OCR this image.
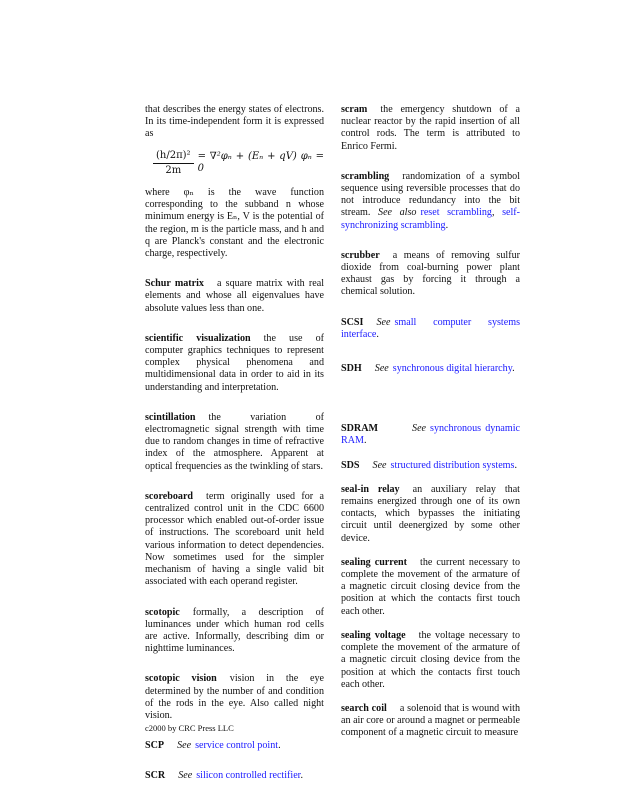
that describes the energy states of electrons. In its time-independent form it is expressed as

$\frac{\text{(h/2π)²}}{2m} = \nabla^2\varphi_n + (E_n + qV) \varphi_n = 0$

where φₙ is the wave function corresponding to the subband n whose minimum energy is Eₙ, V is the potential of the region, m is the particle mass, and h and q are Planck's constant and the electronic charge, respectively.

Schur matrix a square matrix with real elements and whose all eigenvalues have absolute values less than one.

scientific visualization the use of computer graphics techniques to represent complex physical phenomena and multidimensional data in order to aid in its understanding and interpretation.

scintillation the variation of electromagnetic signal strength with time due to random changes in time of refractive index of the atmosphere. Apparent at optical frequencies as the twinkling of stars.

scoreboard term originally used for a centralized control unit in the CDC 6600 processor which enabled out-of-order issue of instructions. The scoreboard unit held various information to detect dependencies. Now sometimes used for the simpler mechanism of having a single valid bit associated with each operand register.

scotopic formally, a description of luminances under which human rod cells are active. Informally, describing dim or nighttime luminances.

scotopic vision vision in the eye determined by the number of and condition of the rods in the eye. Also called night vision.

SCP See service control point.

SCR See silicon controlled rectifier.

scram the emergency shutdown of a nuclear reactor by the rapid insertion of all control rods. The term is attributed to Enrico Fermi.

scrambling randomization of a symbol sequence using reversible processes that do not introduce redundancy into the bit stream. See also reset scrambling, self-synchronizing scrambling.

scrubber a means of removing sulfur dioxide from coal-burning power plant exhaust gas by forcing it through a chemical solution.

SCSI See small computer systems interface.

SDH See synchronous digital hierarchy.

SDRAM	See synchronous dynamic RAM.

SDS See structured distribution systems.

seal-in relay an auxiliary relay that remains energized through one of its own contacts, which bypasses the initiating circuit until deenergized by some other device.

sealing current the current necessary to complete the movement of the armature of a magnetic circuit closing device from the position at which the contacts first touch each other.

sealing voltage the voltage necessary to complete the movement of the armature of a magnetic circuit closing device from the position at which the contacts first touch each other.

search coil a solenoid that is wound with an air core or around a magnet or permeable component of a magnetic circuit to measure

c2000 by CRC Press LLC
